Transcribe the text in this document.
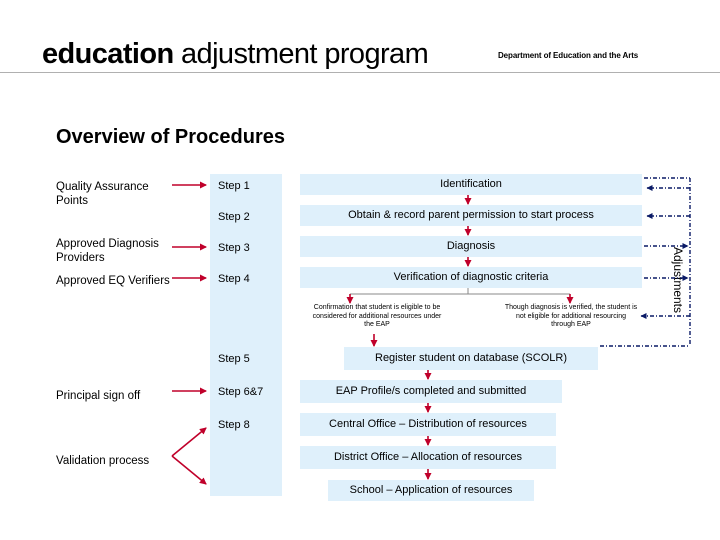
education adjustment program	Department of Education and the Arts
Overview of Procedures
Quality Assurance Points
Approved Diagnosis Providers
Approved EQ Verifiers
Principal sign off
Validation process
Step 1
Step 2
Step 3
Step 4
Step 5
Step 6&7
Step 8
Identification
Obtain & record parent permission to start process
Diagnosis
Verification of diagnostic criteria
Register student on database (SCOLR)
EAP Profile/s completed and submitted
Central Office – Distribution of resources
District Office – Allocation of resources
School – Application of resources
Confirmation that student is eligible to be considered for additional resources under the EAP
Though diagnosis is verified, the student is not eligible for additional resourcing through EAP
Adjustments
